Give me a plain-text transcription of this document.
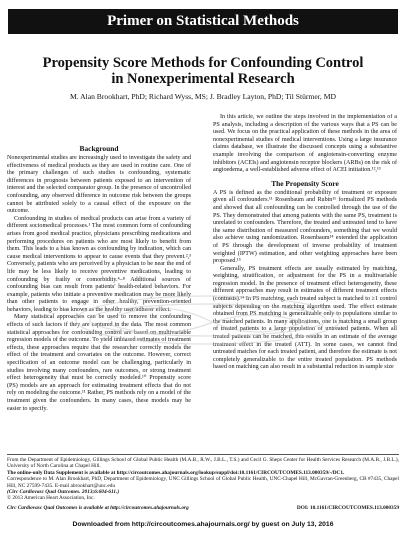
Primer on Statistical Methods
Propensity Score Methods for Confounding Control
in Nonexperimental Research
M. Alan Brookhart, PhD; Richard Wyss, MS; J. Bradley Layton, PhD; Til Stürmer, MD
Background

Nonexperimental studies are increasingly used to investigate the safety and effectiveness of medical products as they are used in routine care. One of the primary challenges of such studies is confounding, systematic differences in prognosis between patients exposed to an intervention of interest and the selected comparator group. In the presence of uncontrolled confounding, any observed difference in outcome risk between the groups cannot be attributed solely to a causal effect of the exposure on the outcome.

Confounding in studies of medical products can arise from a variety of different sociomedical processes.¹ The most common form of confounding arises from good medical practice, physicians prescribing medications and performing procedures on patients who are most likely to benefit from them. This leads to a bias known as confounding by indication, which can cause medical interventions to appear to cause events that they prevent.²,³ Conversely, patients who are perceived by a physician to be near the end of life may be less likely to receive preventive medications, leading to confounding by frailty or comorbidity.⁴–⁸ Additional sources of confounding bias can result from patients' health-related behaviors. For example, patients who initiate a preventive medication may be more likely than other patients to engage in other healthy, prevention-oriented behaviors, leading to bias known as the healthy user/adherer effect.

Many statistical approaches can be used to remove the confounding effects of such factors if they are captured in the data. The most common statistical approaches for confounding control are based on multivariable regression models of the outcome. To yield unbiased estimates of treatment effects, these approaches require that the researcher correctly models the effect of the treatment and covariates on the outcome. However, correct specification of an outcome model can be challenging, particularly in studies involving many confounders, rare outcomes, or strong treatment effect heterogeneity that must be correctly modeled.¹⁰ Propensity score (PS) models are an approach for estimating treatment effects that do not rely on modeling the outcome.¹¹ Rather, PS methods rely on a model of the treatment given the confounders. In many cases, these models may be easier to specify.

In this article, we outline the steps involved in the implementation of a PS analysis, including a description of the various ways that a PS can be used. We focus on the practical application of these methods in the area of nonexperimental studies of medical interventions. Using a large insurance claims database, we illustrate the discussed concepts using a substantive example involving the comparison of angiotensin-converting enzyme inhibitors (ACEIs) and angiotensin receptor blockers (ARBs) on the risk of angioedema, a well-established adverse effect of ACEI initiation.¹²,¹³

The Propensity Score

A PS is defined as the conditional probability of treatment or exposure given all confounders.¹¹ Rosenbaum and Rubin¹¹ formalized PS methods and showed that all confounding can be controlled through the use of the PS. They demonstrated that among patients with the same PS, treatment is unrelated to confounders. Therefore, the treated and untreated tend to have the same distribution of measured confounders, something that we would also achieve using randomization. Rosenbaum¹⁴ extended the application of PS through the development of inverse probability of treatment weighted (IPTW) estimation, and other weighting approaches have been proposed.¹⁵

Generally, PS treatment effects are usually estimated by matching, weighting, stratification, or adjustment for the PS in a multivariable regression model. In the presence of treatment effect heterogeneity, these different approaches may result in estimates of different treatment effects (contrasts).¹⁴ In PS matching, each treated subject is matched to ≥1 control subjects depending on the matching algorithm used. The effect estimate obtained from PS matching is generalizable only to populations similar to the matched patients. In many applications, one is matching a small group of treated patients to a large population of untreated patients. When all treated patients can be matched, this results in an estimate of the average treatment effect in the treated (ATT). In some cases, we cannot find untreated matches for each treated patient, and therefore the estimate is not completely generalizable to the entire treated population. PS methods based on matching can also result in a substantial reduction in sample size

From the Department of Epidemiology, Gillings School of Global Public Health (M.A.B., R.W., J.B.L., T.S.) and Cecil G. Sheps Center for Health Services Research (M.A.B., J.B.L.), University of North Carolina at Chapel Hill.
The online-only Data Supplement is available at http://circoutcomes.ahajournals.org/lookup/suppl/doi:10.1161/CIRCOUTCOMES.113.000359/-/DC1.
Correspondence to M. Alan Brookhart, PhD, Department of Epidemiology, UNC Gillings School of Global Public Health, UNC-Chapel Hill, McGavran-Greenberg, CB #7435, Chapel Hill, NC 27599-7435. E-mail abrookhart@unc.edu
(Circ Cardiovasc Qual Outcomes. 2013;6:604-611.)
© 2013 American Heart Association, Inc.
Circ Cardiovasc Qual Outcomes is available at http://circoutcomes.ahajournals.org	DOI: 10.1161/CIRCOUTCOMES.113.000359
Downloaded from http://circoutcomes.ahajournals.org/ by guest on July 13, 2016
